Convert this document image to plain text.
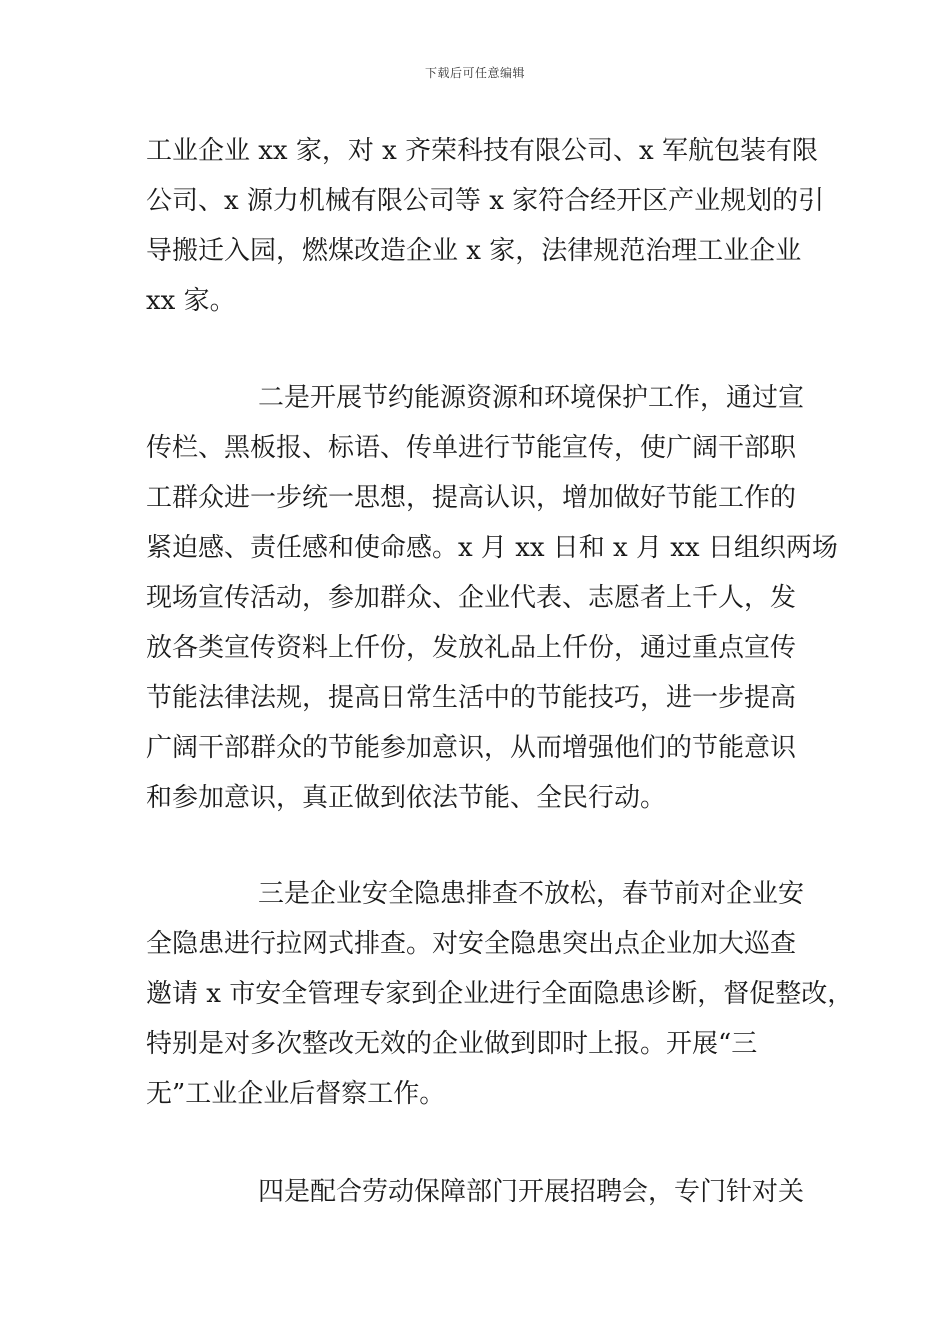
下载后可任意编辑
工业企业 xx 家，对 x 齐荣科技有限公司、x 军航包装有限
公司、x 源力机械有限公司等 x 家符合经开区产业规划的引
导搬迁入园，燃煤改造企业 x 家，法律规范治理工业企业
xx 家。
二是开展节约能源资源和环境保护工作，通过宣
传栏、黑板报、标语、传单进行节能宣传，使广阔干部职
工群众进一步统一思想，提高认识，增加做好节能工作的
紧迫感、责任感和使命感。x 月 xx 日和 x 月 xx 日组织两场
现场宣传活动，参加群众、企业代表、志愿者上千人，发
放各类宣传资料上仟份，发放礼品上仟份，通过重点宣传
节能法律法规，提高日常生活中的节能技巧，进一步提高
广阔干部群众的节能参加意识，从而增强他们的节能意识
和参加意识，真正做到依法节能、全民行动。
三是企业安全隐患排查不放松，春节前对企业安
全隐患进行拉网式排查。对安全隐患突出点企业加大巡查
邀请 x 市安全管理专家到企业进行全面隐患诊断，督促整改，
特别是对多次整改无效的企业做到即时上报。开展“三
无”工业企业后督察工作。
四是配合劳动保障部门开展招聘会，专门针对关
